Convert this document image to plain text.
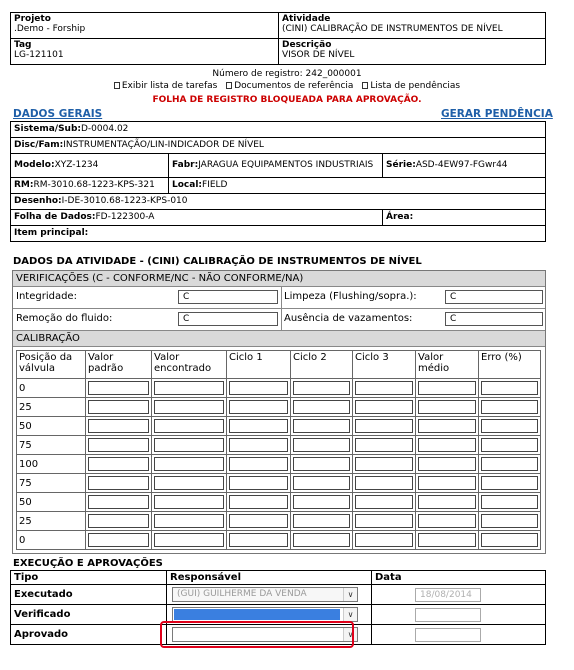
Projeto
.Demo - Forship	Atividade
(CINI) CALIBRAÇÃO DE INSTRUMENTOS DE NÍVEL

Tag
LG-121101	Descrição
VISOR DE NÍVEL
Número de registro: 242_000001
Exibir lista de tarefas Documentos de referência Lista de pendências
FOLHA DE REGISTRO BLOQUEADA PARA APROVAÇÃO.
DADOS GERAIS	GERAR PENDÊNCIA
Sistema/Sub:D-0004.02		
Disc/Fam:INSTRUMENTAÇÃO/LIN-INDICADOR DE NÍVEL		
Modelo:XYZ-1234	Fabr:JARAGUA EQUIPAMENTOS INDUSTRIAIS	Série:ASD-4EW97-FGwr44
RM:RM-3010.68-1223-KPS-321	Local:FIELD	
Desenho:I-DE-3010.68-1223-KPS-010		
Folha de Dados:FD-122300-A		Área:
Item principal:		
DADOS DA ATIVIDADE - (CINI) CALIBRAÇÃO DE INSTRUMENTOS DE NÍVEL
VERIFICAÇÕES (C - CONFORME/NC - NÃO CONFORME/NA)
Integridade:	C	Limpeza (Flushing/sopra.):	C
Remoção do fluido:	C	Ausência de vazamentos:	C
CALIBRAÇÃO
Posição da válvula	Valor padrão	Valor encontrado	Ciclo 1	Ciclo 2	Ciclo 3	Valor médio	Erro (%)
0	

25	

50	

75	

100	

75	

50	

25	

0	

EXECUÇÃO E APROVAÇÕES
Tipo	Responsável	Data
Executado	(GUI) GUILHERME DA VENDA ∨	18/08/2014

Verificado	∨	

Aprovado	∨	
